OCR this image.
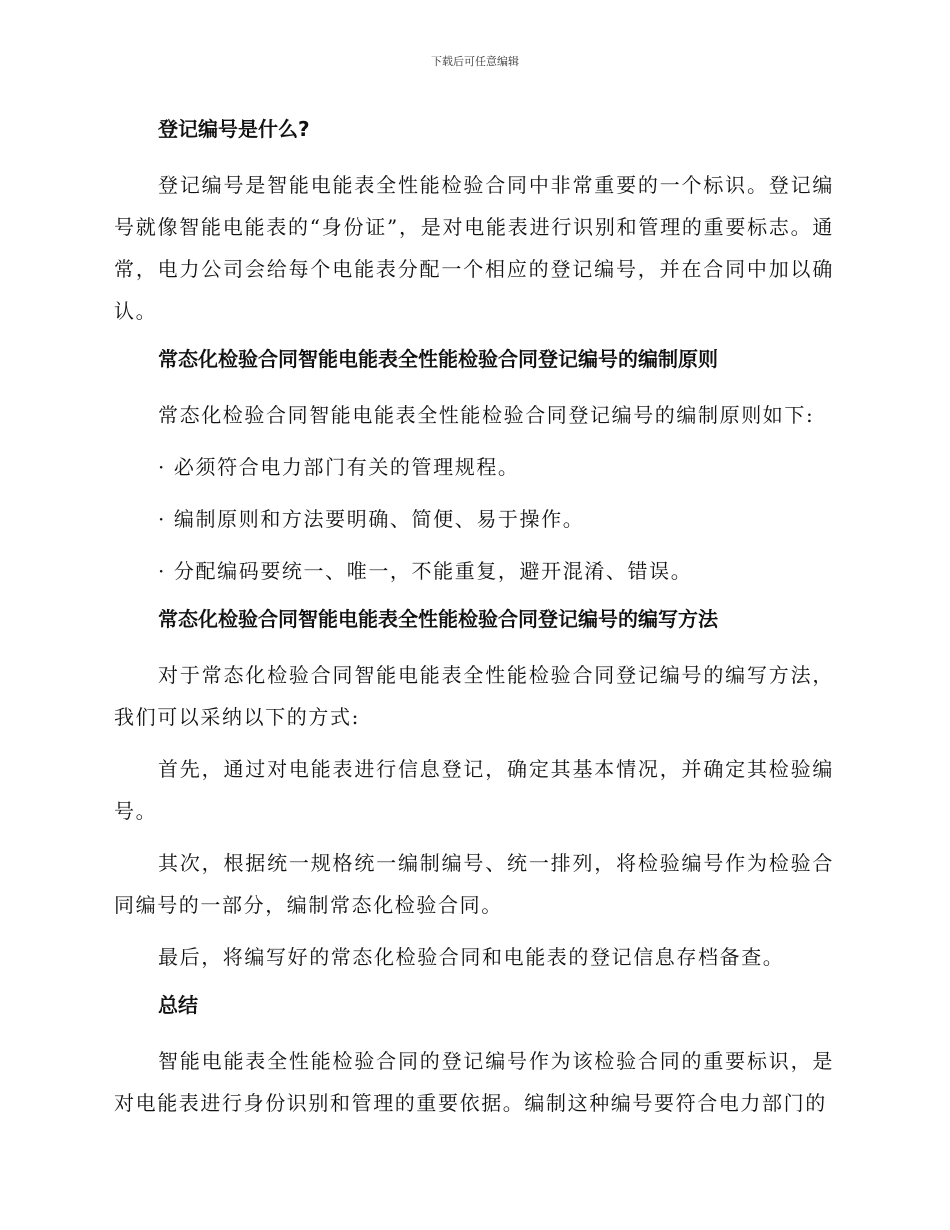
下载后可任意编辑
登记编号是什么?
登记编号是智能电能表全性能检验合同中非常重要的一个标识。登记编号就像智能电能表的“身份证”，是对电能表进行识别和管理的重要标志。通常，电力公司会给每个电能表分配一个相应的登记编号，并在合同中加以确认。
常态化检验合同智能电能表全性能检验合同登记编号的编制原则
常态化检验合同智能电能表全性能检验合同登记编号的编制原则如下:
· 必须符合电力部门有关的管理规程。
· 编制原则和方法要明确、简便、易于操作。
· 分配编码要统一、唯一，不能重复，避开混淆、错误。
常态化检验合同智能电能表全性能检验合同登记编号的编写方法
对于常态化检验合同智能电能表全性能检验合同登记编号的编写方法，我们可以采纳以下的方式:
首先，通过对电能表进行信息登记，确定其基本情况，并确定其检验编号。
其次，根据统一规格统一编制编号、统一排列，将检验编号作为检验合同编号的一部分，编制常态化检验合同。
最后，将编写好的常态化检验合同和电能表的登记信息存档备查。
总结
智能电能表全性能检验合同的登记编号作为该检验合同的重要标识，是对电能表进行身份识别和管理的重要依据。编制这种编号要符合电力部门的
